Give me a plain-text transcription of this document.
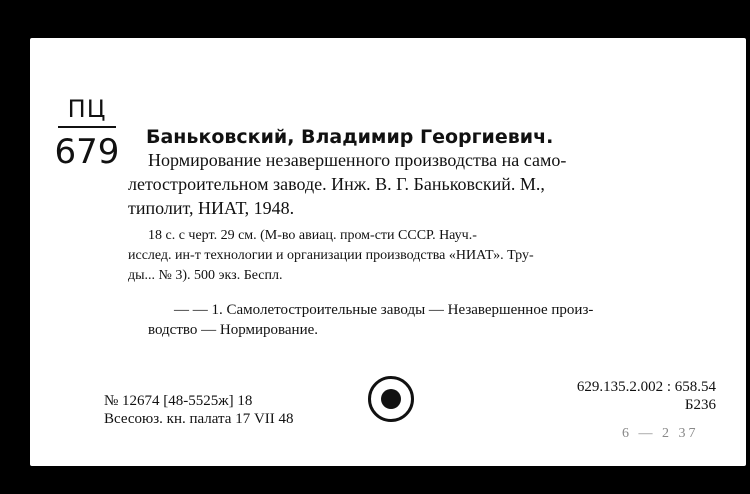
ПЦ
679 Баньковский, Владимир Георгиевич.
Нормирование незавершенного производства на само-
летостроительном заводе. Инж. В. Г. Баньковский. М.,
типолит, НИАТ, 1948.
18 с. с черт. 29 см. (М-во авиац. пром-сти СССР. Науч.-
исслед. ин-т технологии и организации производства «НИАТ». Тру-
ды... № 3). 500 экз. Беспл.
— — 1. Самолетостроительные заводы — Незавершенное произ-
водство — Нормирование.
№ 12674 [48-5525ж] 18
Всесоюз. кн. палата 17 VII 48
629.135.2.002 : 658.54
Б236
6 — 2 37
